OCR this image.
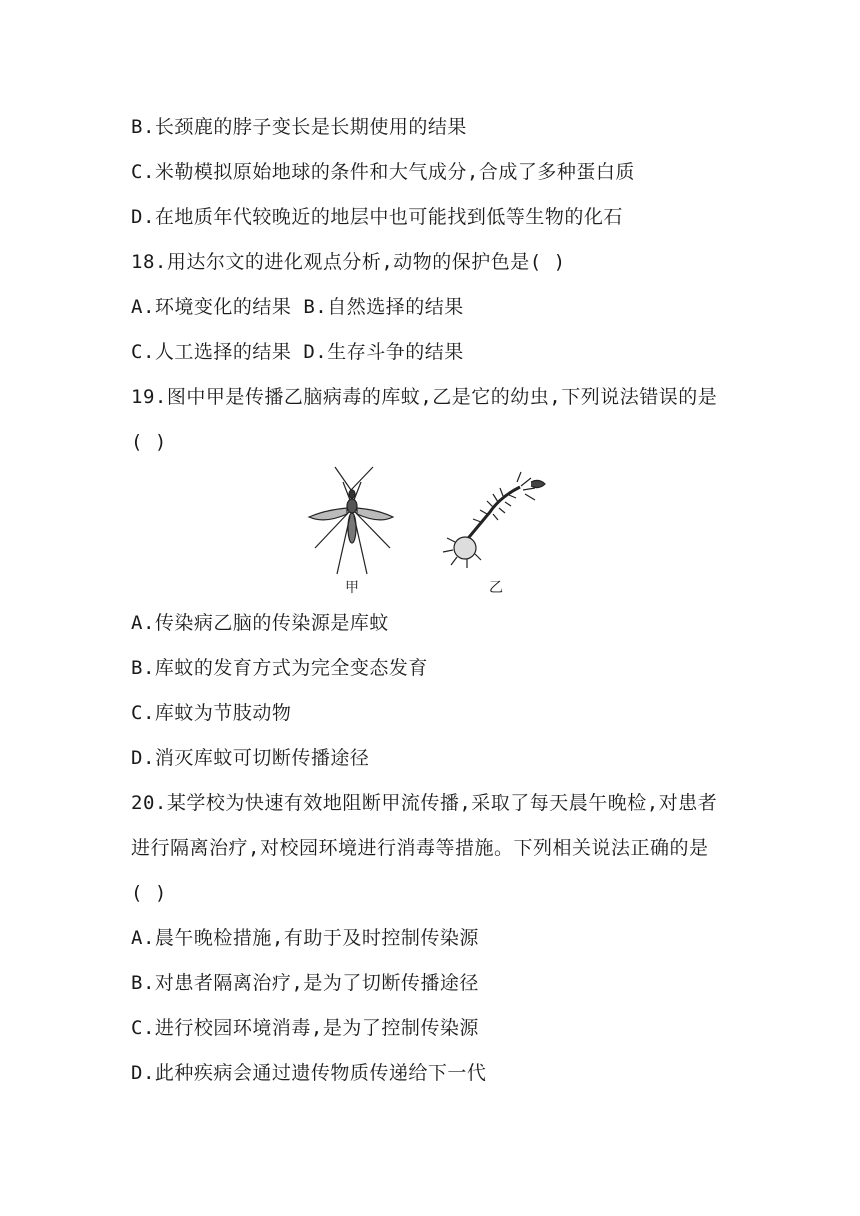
B.长颈鹿的脖子变长是长期使用的结果
C.米勒模拟原始地球的条件和大气成分,合成了多种蛋白质
D.在地质年代较晚近的地层中也可能找到低等生物的化石
18.用达尔文的进化观点分析,动物的保护色是( )
A.环境变化的结果 B.自然选择的结果
C.人工选择的结果 D.生存斗争的结果
19.图中甲是传播乙脑病毒的库蚊,乙是它的幼虫,下列说法错误的是
( )
甲	乙
A.传染病乙脑的传染源是库蚊
B.库蚊的发育方式为完全变态发育
C.库蚊为节肢动物
D.消灭库蚊可切断传播途径
20.某学校为快速有效地阻断甲流传播,采取了每天晨午晚检,对患者
进行隔离治疗,对校园环境进行消毒等措施。下列相关说法正确的是
( )
A.晨午晚检措施,有助于及时控制传染源
B.对患者隔离治疗,是为了切断传播途径
C.进行校园环境消毒,是为了控制传染源
D.此种疾病会通过遗传物质传递给下一代
